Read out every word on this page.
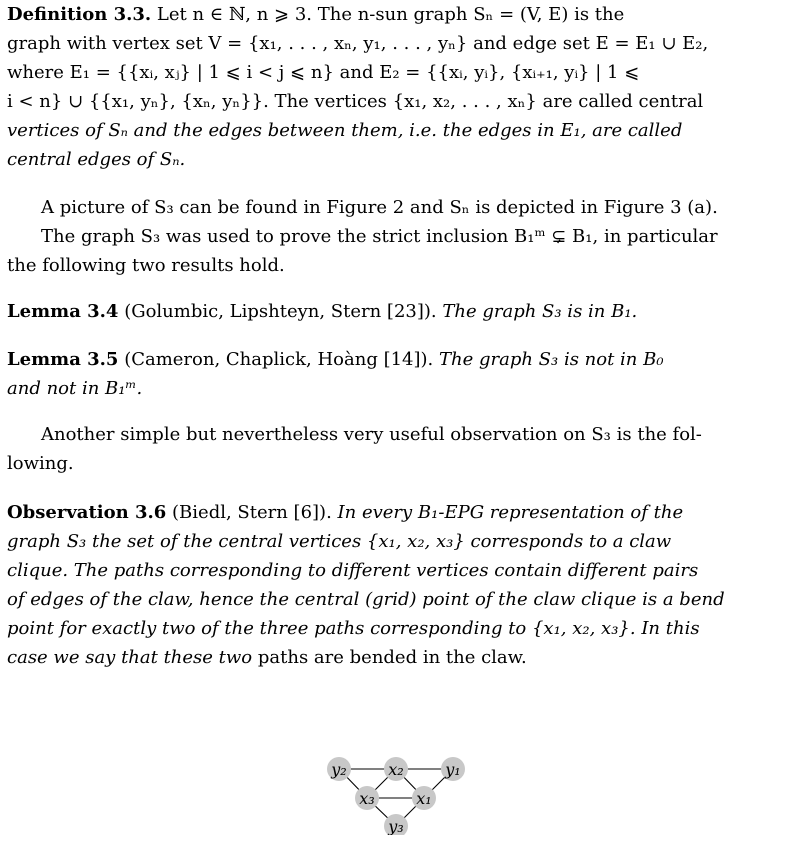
Definition 3.3. Let n ∈ ℕ, n ⩾ 3. The n-sun graph Sₙ = (V, E) is the
graph with vertex set V = {x₁, . . . , xₙ, y₁, . . . , yₙ} and edge set E = E₁ ∪ E₂,
where E₁ = {{xᵢ, xⱼ} | 1 ⩽ i < j ⩽ n} and E₂ = {{xᵢ, yᵢ}, {xᵢ₊₁, yᵢ} | 1 ⩽
i < n} ∪ {{x₁, yₙ}, {xₙ, yₙ}}. The vertices {x₁, x₂, . . . , xₙ} are called central
vertices of Sₙ and the edges between them, i.e. the edges in E₁, are called
central edges of Sₙ.
A picture of S₃ can be found in Figure 2 and Sₙ is depicted in Figure 3 (a).
The graph S₃ was used to prove the strict inclusion B₁ᵐ ⊊ B₁, in particular
the following two results hold.
Lemma 3.4 (Golumbic, Lipshteyn, Stern [23]). The graph S₃ is in B₁.
Lemma 3.5 (Cameron, Chaplick, Hoàng [14]). The graph S₃ is not in B₀
and not in B₁ᵐ.
Another simple but nevertheless very useful observation on S₃ is the fol-
lowing.
Observation 3.6 (Biedl, Stern [6]). In every B₁-EPG representation of the
graph S₃ the set of the central vertices {x₁, x₂, x₃} corresponds to a claw
clique. The paths corresponding to different vertices contain different pairs
of edges of the claw, hence the central (grid) point of the claw clique is a bend
point for exactly two of the three paths corresponding to {x₁, x₂, x₃}. In this
case we say that these two paths are bended in the claw.
y₂	x₂	y₁
x₃	x₁
y₃
